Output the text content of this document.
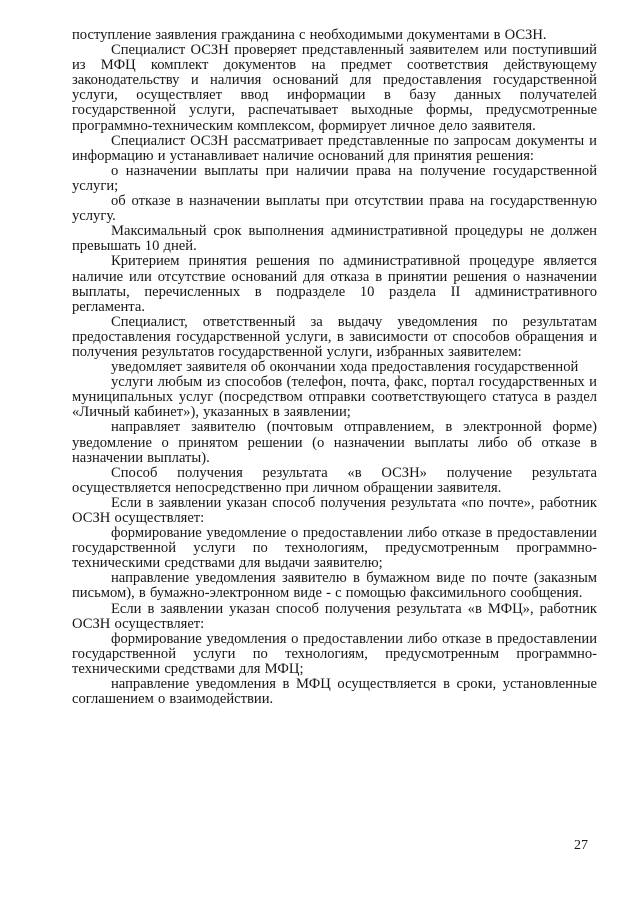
поступление заявления гражданина с необходимыми документами в ОСЗН.

Специалист ОСЗН проверяет представленный заявителем или поступивший из МФЦ комплект документов на предмет соответствия действующему законодательству и наличия оснований для предоставления государственной услуги, осуществляет ввод информации в базу данных получателей государственной услуги, распечатывает выходные формы, предусмотренные программно-техническим комплексом, формирует личное дело заявителя.

Специалист ОСЗН рассматривает представленные по запросам документы и информацию и устанавливает наличие оснований для принятия решения:

о назначении выплаты при наличии права на получение государственной услуги;

об отказе в назначении выплаты при отсутствии права на государственную услугу.

Максимальный срок выполнения административной процедуры не должен превышать 10 дней.

Критерием принятия решения по административной процедуре является наличие или отсутствие оснований для отказа в принятии решения о назначении выплаты, перечисленных в подразделе 10 раздела II административного регламента.

Специалист, ответственный за выдачу уведомления по результатам предоставления государственной услуги, в зависимости от способов обращения и получения результатов государственной услуги, избранных заявителем:

уведомляет заявителя об окончании хода предоставления государственной

услуги любым из способов (телефон, почта, факс, портал государственных и муниципальных услуг (посредством отправки соответствующего статуса в раздел «Личный кабинет»), указанных в заявлении;

направляет заявителю (почтовым отправлением, в электронной форме) уведомление о принятом решении (о назначении выплаты либо об отказе в назначении выплаты).

Способ получения результата «в ОСЗН» получение результата осуществляется непосредственно при личном обращении заявителя.

Если в заявлении указан способ получения результата «по почте», работник ОСЗН осуществляет:

формирование уведомление о предоставлении либо отказе в предоставлении государственной услуги по технологиям, предусмотренным программно-техническими средствами для выдачи заявителю;

направление уведомления заявителю в бумажном виде по почте (заказным письмом), в бумажно-электронном виде - с помощью факсимильного сообщения.

Если в заявлении указан способ получения результата «в МФЦ», работник ОСЗН осуществляет:

формирование уведомления о предоставлении либо отказе в предоставлении государственной услуги по технологиям, предусмотренным программно-техническими средствами для МФЦ;

направление уведомления в МФЦ осуществляется в сроки, установленные соглашением о взаимодействии.

27
